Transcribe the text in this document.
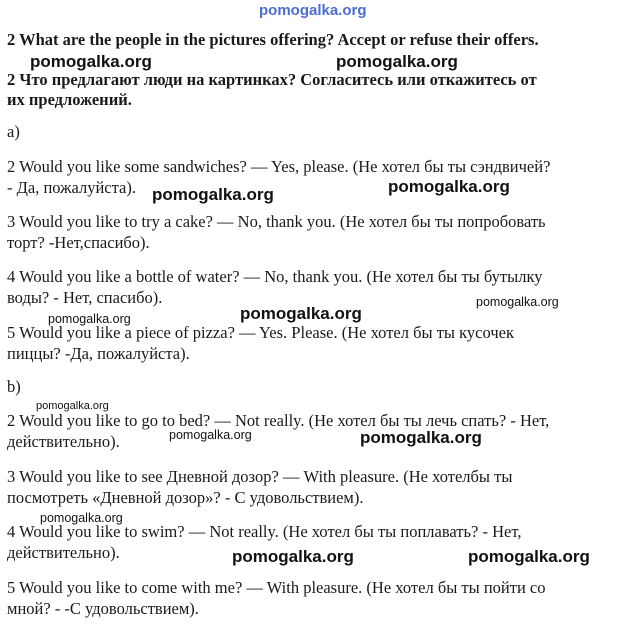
2 What are the people in the pictures offering? Accept or refuse their offers.
2 Что предлагают люди на картинках? Согласитесь или откажитесь от
их предложений.
a)
2 Would you like some sandwiches? — Yes, please. (Не хотел бы ты сэндвичей?
- Да, пожалуйста).
3 Would you like to try a cake? — No, thank you. (Не хотел бы ты попробовать
торт? -Нет,спасибо).
4 Would you like a bottle of water? — No, thank you. (Не хотел бы ты бутылку
воды? - Нет, спасибо).
5 Would you like a piece of pizza? — Yes. Please. (Не хотел бы ты кусочек
пиццы? -Да, пожалуйста).
b)
2 Would you like to go to bed? — Not really. (Не хотел бы ты лечь спать? - Нет,
действительно).
3 Would you like to see Дневной дозор? — With pleasure. (Не хотелбы ты
посмотреть «Дневной дозор»? - С удовольствием).
4 Would you like to swim? — Not really. (Не хотел бы ты поплавать? - Нет,
действительно).
5 Would you like to come with me? — With pleasure. (Не хотел бы ты пойти со
мной? - -С удовольствием).
pomogalka.org
pomogalka.org	pomogalka.org
pomogalka.org	pomogalka.org
pomogalka.org
pomogalka.org
pomogalka.org
pomogalka.org
pomogalka.org	pomogalka.org
pomogalka.org
pomogalka.org	pomogalka.org
